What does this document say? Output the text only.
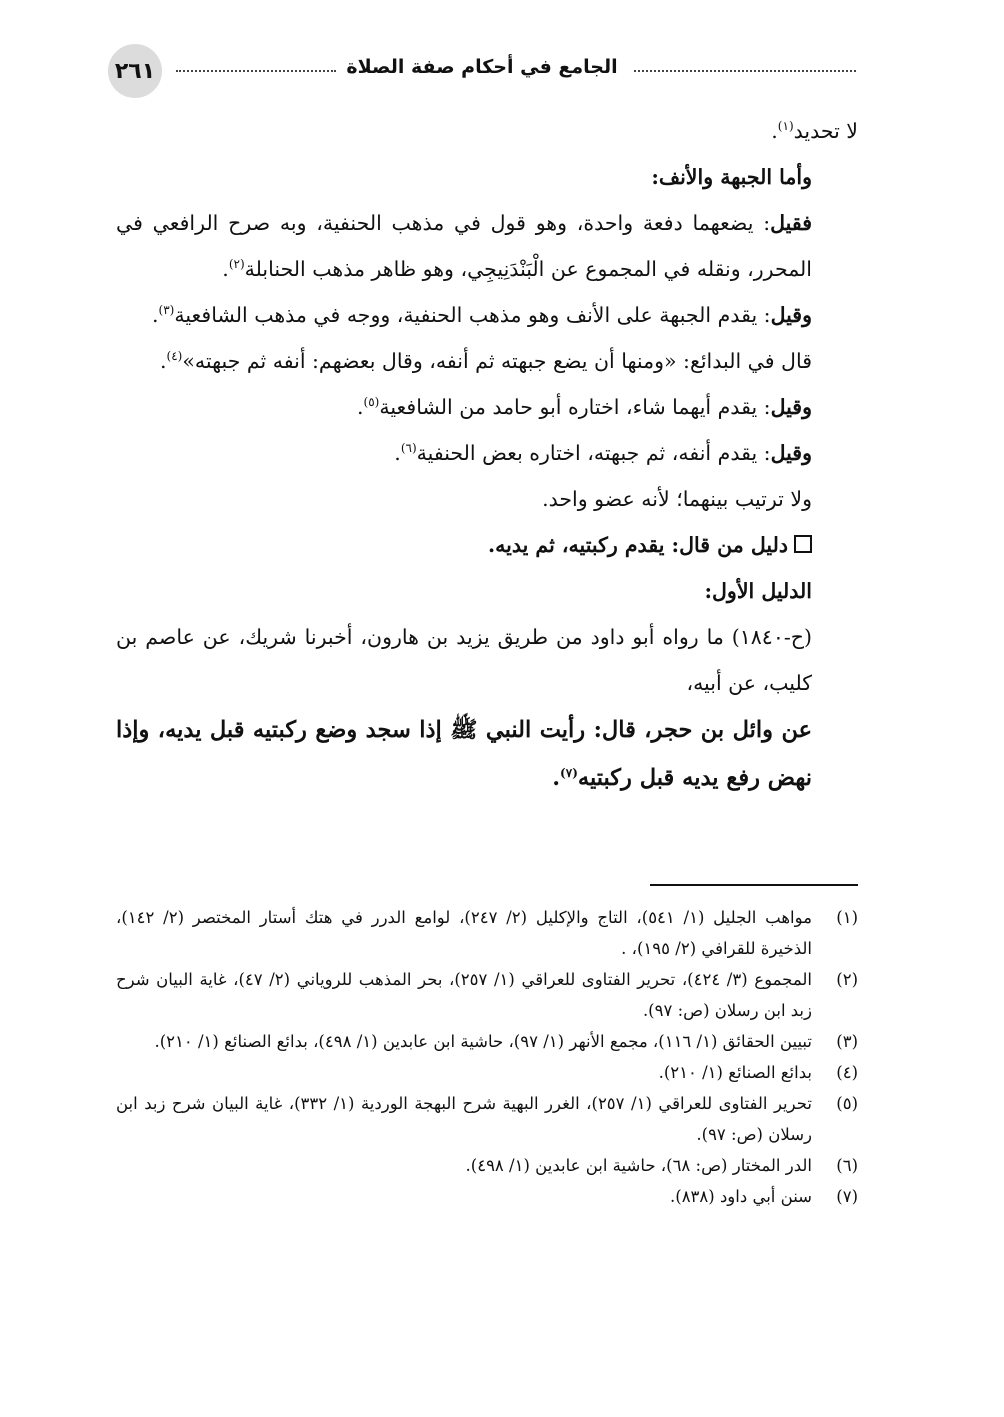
٢٦١	الجامع في أحكام صفة الصلاة

لا تحديد$^{(١)}$.

وأما الجبهة والأنف:

فقيل: يضعهما دفعة واحدة، وهو قول في مذهب الحنفية، وبه صرح الرافعي في المحرر، ونقله في المجموع عن الْبَنْدَنِيجِي، وهو ظاهر مذهب الحنابلة$^{(٢)}$.

وقيل: يقدم الجبهة على الأنف وهو مذهب الحنفية، ووجه في مذهب الشافعية$^{(٣)}$.

قال في البدائع: «ومنها أن يضع جبهته ثم أنفه، وقال بعضهم: أنفه ثم جبهته»$^{(٤)}$.

وقيل: يقدم أيهما شاء، اختاره أبو حامد من الشافعية$^{(٥)}$.

وقيل: يقدم أنفه، ثم جبهته، اختاره بعض الحنفية$^{(٦)}$.

ولا ترتيب بينهما؛ لأنه عضو واحد.

دليل من قال: يقدم ركبتيه، ثم يديه.

الدليل الأول:

(ح-١٨٤٠) ما رواه أبو داود من طريق يزيد بن هارون، أخبرنا شريك، عن عاصم بن كليب، عن أبيه،

عن وائل بن حجر، قال: رأيت النبي ﷺ إذا سجد وضع ركبتيه قبل يديه، وإذا نهض رفع يديه قبل ركبتيه$^{(٧)}$.

(١)
مواهب الجليل (١/ ٥٤١)، التاج والإكليل (٢/ ٢٤٧)، لوامع الدرر في هتك أستار المختصر (٢/ ١٤٢)، الذخيرة للقرافي (٢/ ١٩٥)، .
(٢)
المجموع (٣/ ٤٢٤)، تحرير الفتاوى للعراقي (١/ ٢٥٧)، بحر المذهب للروياني (٢/ ٤٧)، غاية البيان شرح زبد ابن رسلان (ص: ٩٧).
(٣)
تبيين الحقائق (١/ ١١٦)، مجمع الأنهر (١/ ٩٧)، حاشية ابن عابدين (١/ ٤٩٨)، بدائع الصنائع (١/ ٢١٠).
(٤)
بدائع الصنائع (١/ ٢١٠).
(٥)
تحرير الفتاوى للعراقي (١/ ٢٥٧)، الغرر البهية شرح البهجة الوردية (١/ ٣٣٢)، غاية البيان شرح زبد ابن رسلان (ص: ٩٧).
(٦)
الدر المختار (ص: ٦٨)، حاشية ابن عابدين (١/ ٤٩٨).
(٧)
سنن أبي داود (٨٣٨).
